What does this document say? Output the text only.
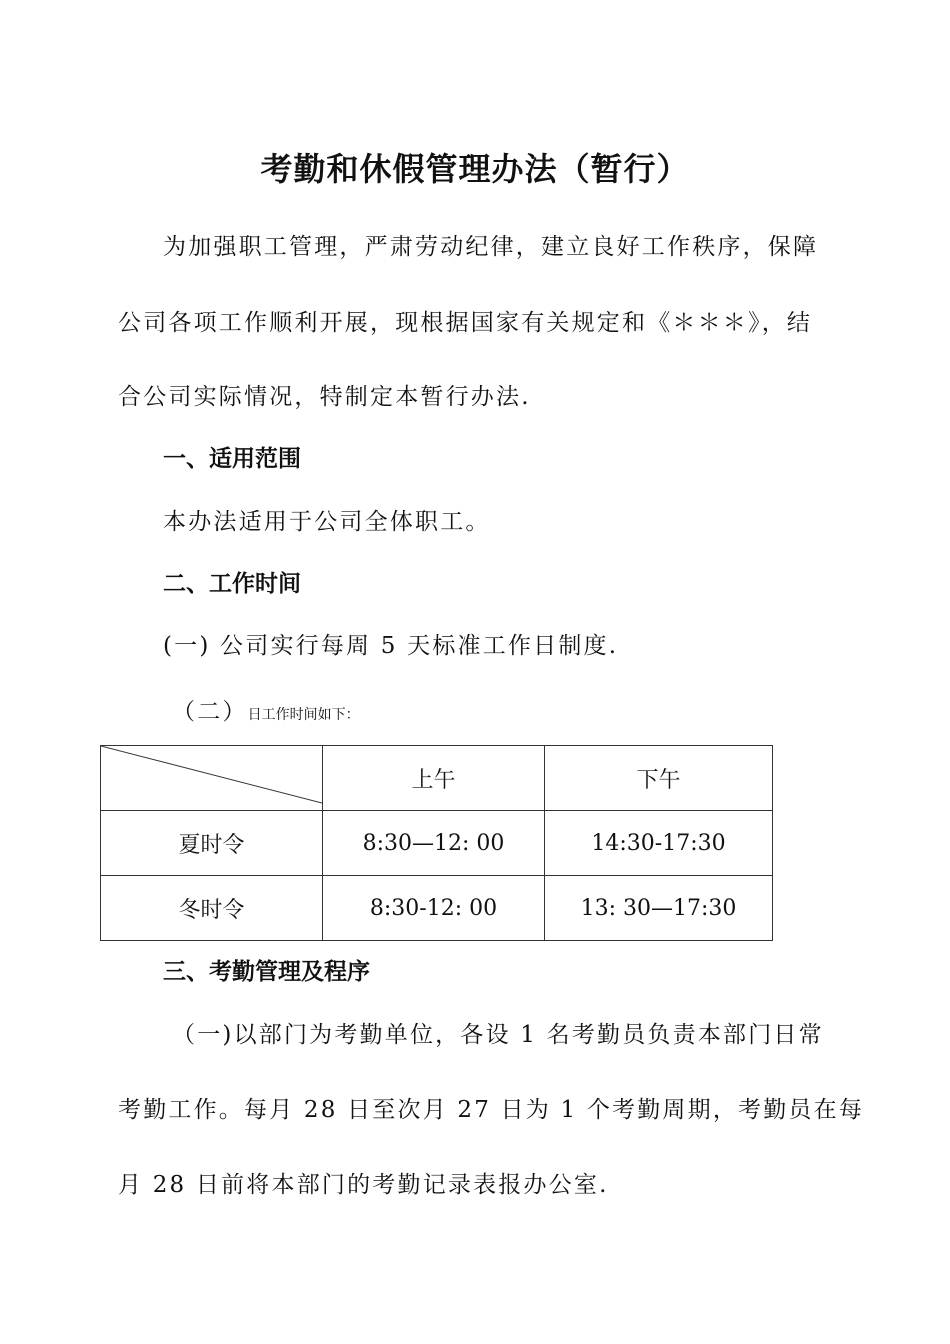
考勤和休假管理办法（暂行）
为加强职工管理，严肃劳动纪律，建立良好工作秩序，保障
公司各项工作顺利开展，现根据国家有关规定和《＊＊＊》，结
合公司实际情况，特制定本暂行办法.
一、适用范围
本办法适用于公司全体职工。
二、工作时间
(一) 公司实行每周 5 天标准工作日制度.
（二）日工作时间如下：
	上午	下午
夏时令	8:30—12: 00	14:30-17:30
冬时令	8:30-12: 00	13: 30—17:30
三、考勤管理及程序
（一)以部门为考勤单位，各设 1 名考勤员负责本部门日常
考勤工作。每月 28 日至次月 27 日为 1 个考勤周期，考勤员在每
月 28 日前将本部门的考勤记录表报办公室.
